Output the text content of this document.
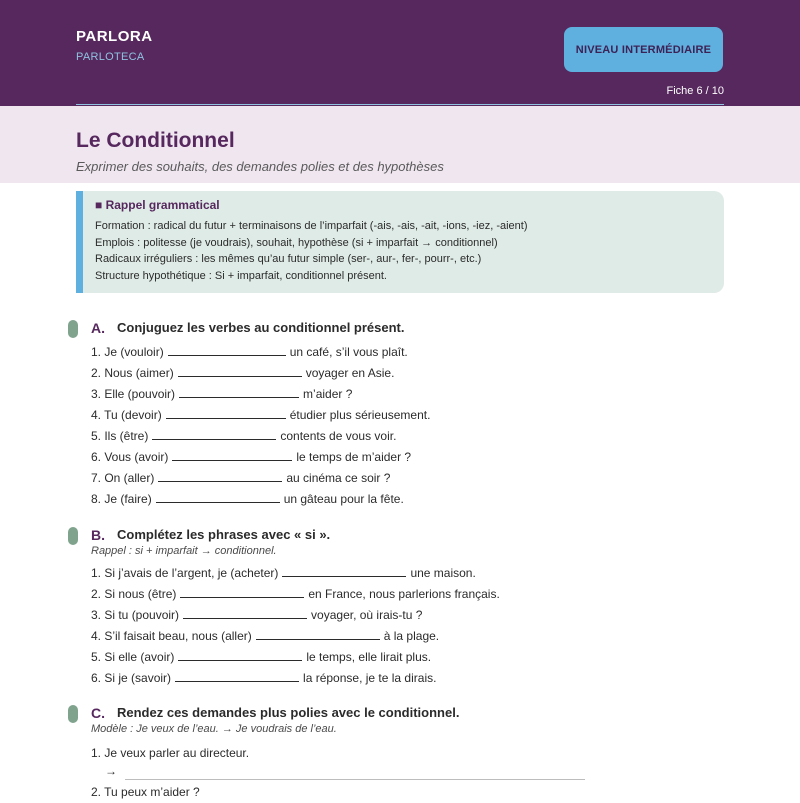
PARLORA
PARLOTECA
NIVEAU INTERMÉDIAIRE
Fiche 6 / 10
Le Conditionnel
Exprimer des souhaits, des demandes polies et des hypothèses
■ Rappel grammatical
Formation : radical du futur + terminaisons de l’imparfait (-ais, -ais, -ait, -ions, -iez, -aient)
Emplois : politesse (je voudrais), souhait, hypothèse (si + imparfait → conditionnel)
Radicaux irréguliers : les mêmes qu’au futur simple (ser-, aur-, fer-, pourr-, etc.)
Structure hypothétique : Si + imparfait, conditionnel présent.
A. Conjuguez les verbes au conditionnel présent.
1. Je (vouloir)	un café, s’il vous plaît.
2. Nous (aimer)	voyager en Asie.
3. Elle (pouvoir)	m’aider ?
4. Tu (devoir)	étudier plus sérieusement.
5. Ils (être)	contents de vous voir.
6. Vous (avoir)	le temps de m’aider ?
7. On (aller)	au cinéma ce soir ?
8. Je (faire)	un gâteau pour la fête.
B. Complétez les phrases avec « si ».
Rappel : si + imparfait → conditionnel.
1. Si j’avais de l’argent, je (acheter)	une maison.
2. Si nous (être)	en France, nous parlerions français.
3. Si tu (pouvoir)	voyager, où irais-tu ?
4. S’il faisait beau, nous (aller)	à la plage.
5. Si elle (avoir)	le temps, elle lirait plus.
6. Si je (savoir)	la réponse, je te la dirais.
C. Rendez ces demandes plus polies avec le conditionnel.
Modèle : Je veux de l’eau. → Je voudrais de l’eau.
1. Je veux parler au directeur.
→
2. Tu peux m’aider ?
